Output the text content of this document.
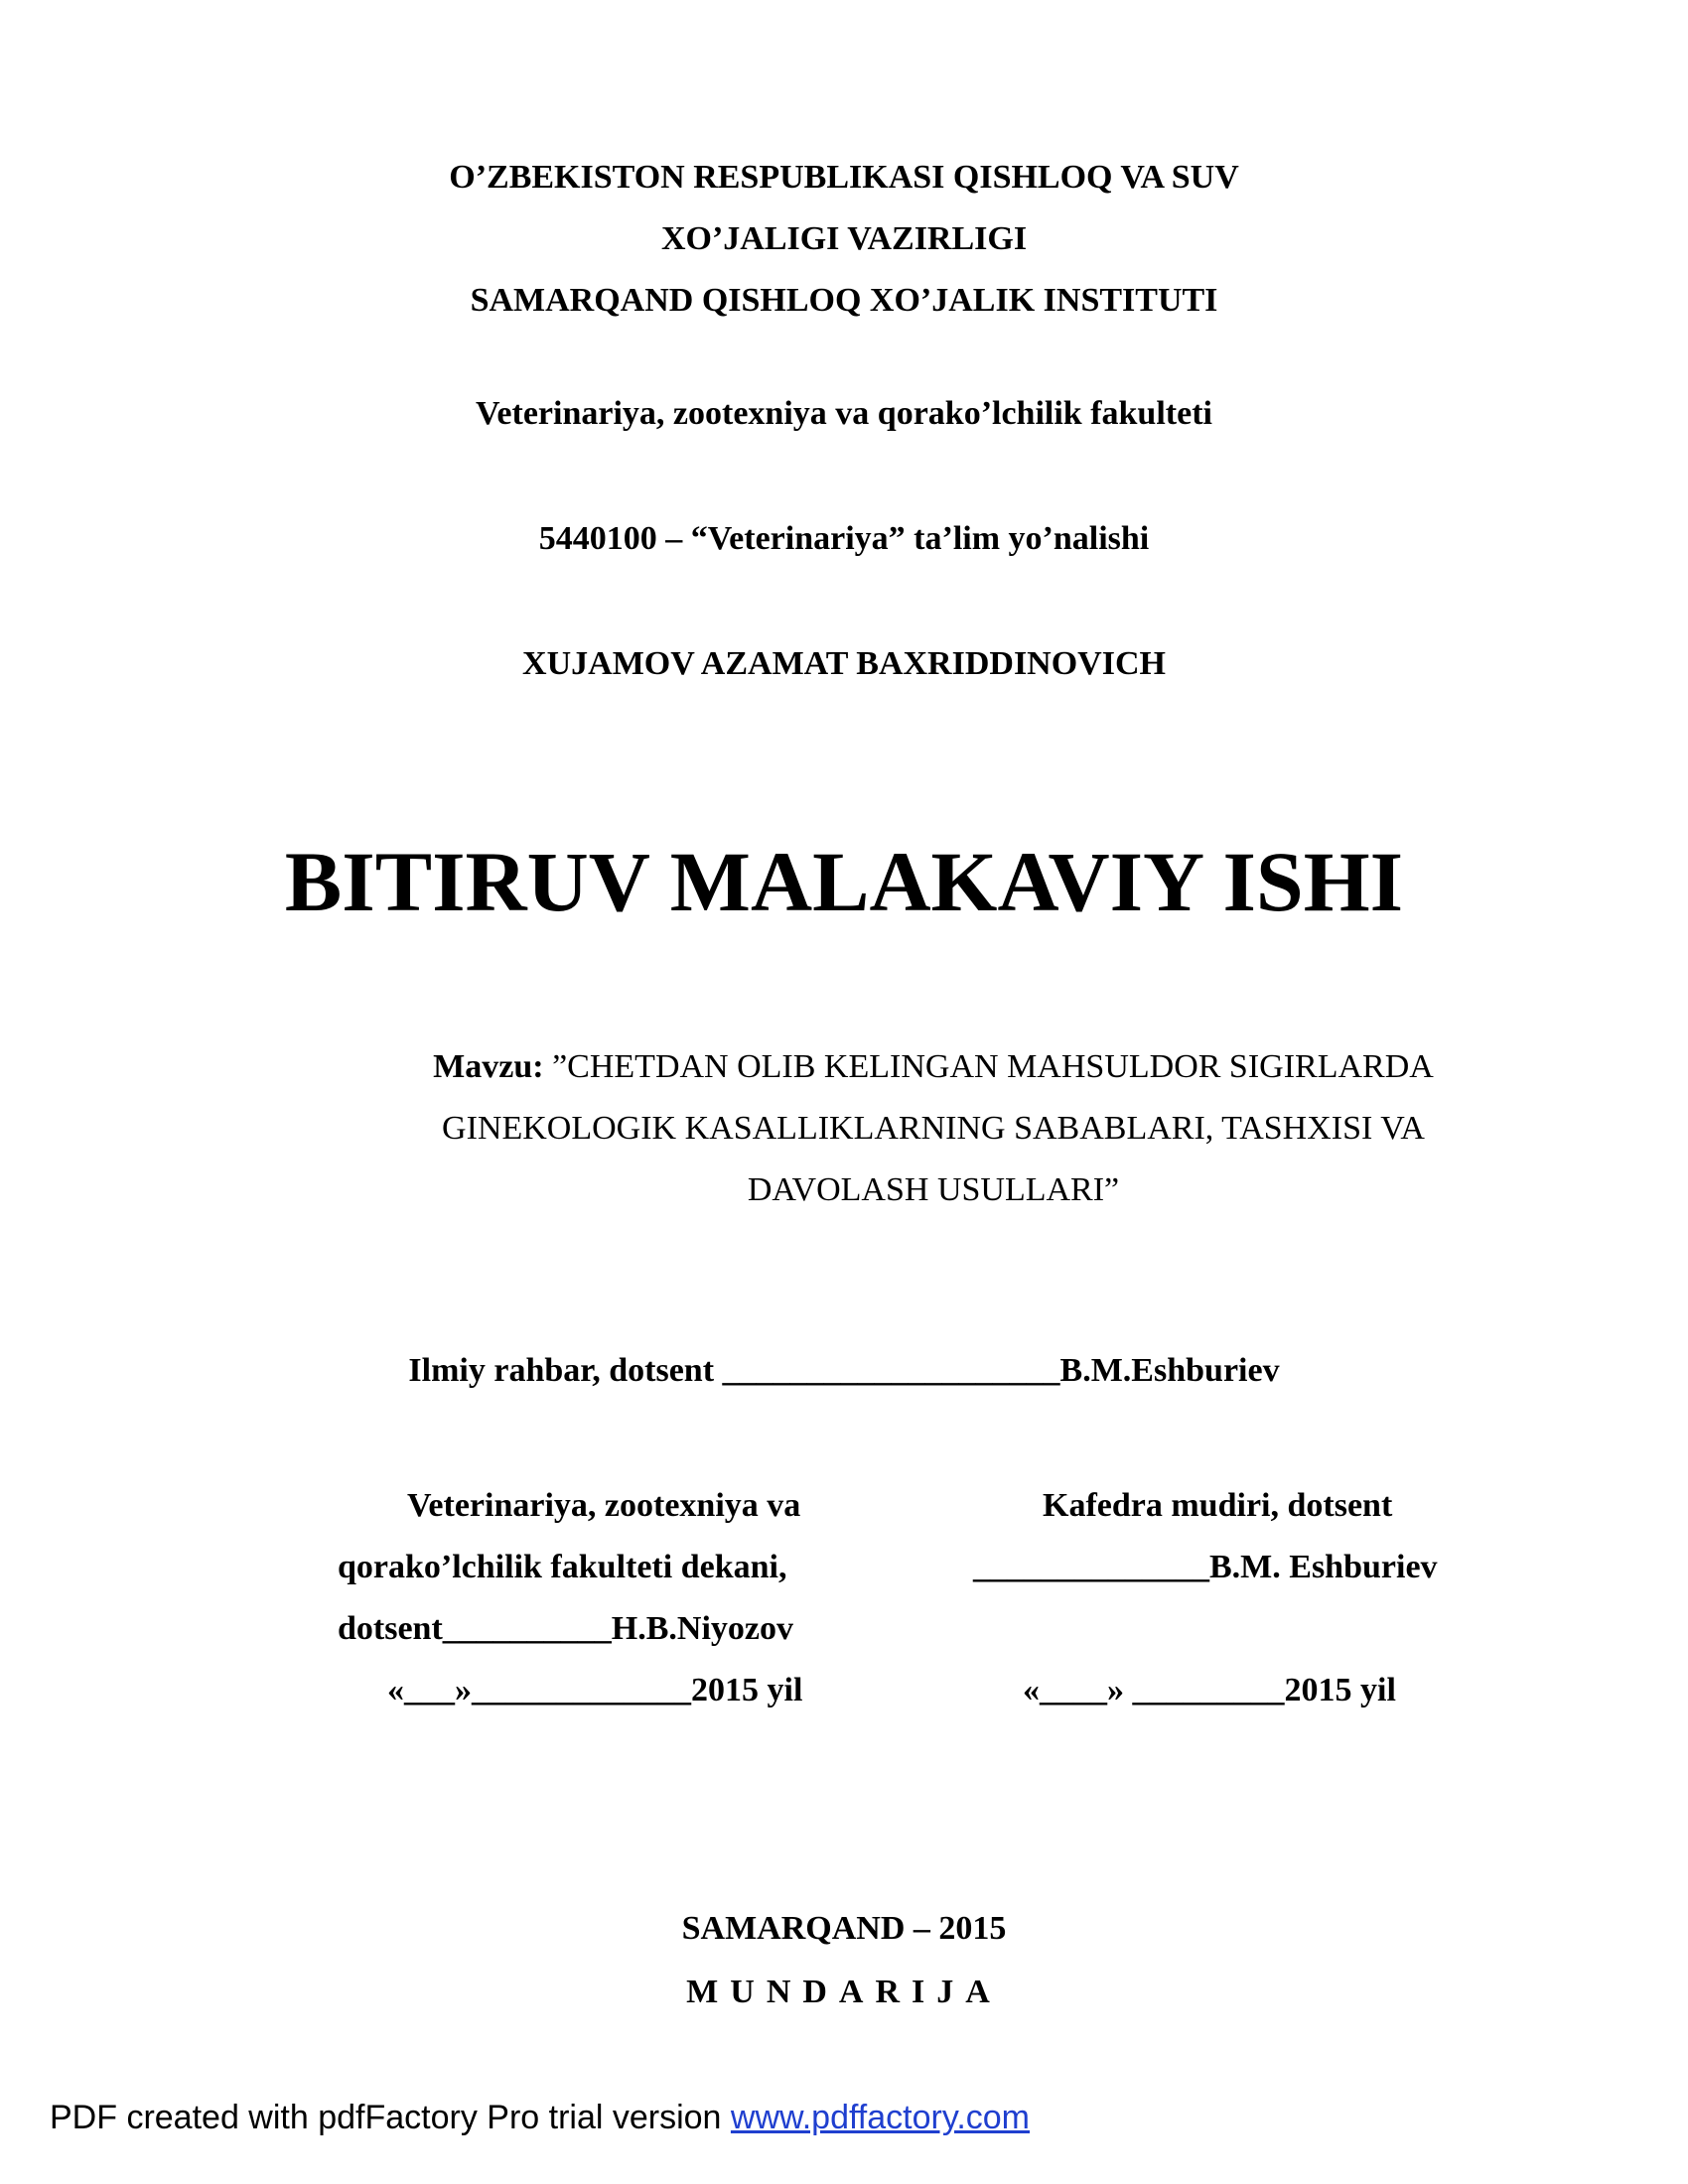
O’ZBEKISTON RESPUBLIKASI QISHLOQ VA SUV
XO’JALIGI VAZIRLIGI
SAMARQAND QISHLOQ XO’JALIK INSTITUTI
Veterinariya, zootexniya va qorako’lchilik fakulteti
5440100 – “Veterinariya” ta’lim yo’nalishi
XUJAMOV AZAMAT BAXRIDDINOVICH
BITIRUV MALAKAVIY ISHI
Mavzu: ”CHETDAN OLIB KELINGAN MAHSULDOR SIGIRLARDA
GINEKOLOGIK KASALLIKLARNING SABABLARI, TASHXISI VA
DAVOLASH USULLARI”
Ilmiy rahbar, dotsent ____________________B.M.Eshburiev
Veterinariya, zootexniya va
qorako’lchilik fakulteti dekani,
dotsent__________H.B.Niyozov
«___»_____________2015 yil
Kafedra mudiri, dotsent
______________B.M. Eshburiev
«____» _________2015 yil
SAMARQAND – 2015
MUNDARIJA
PDF created with pdfFactory Pro trial version www.pdffactory.com
